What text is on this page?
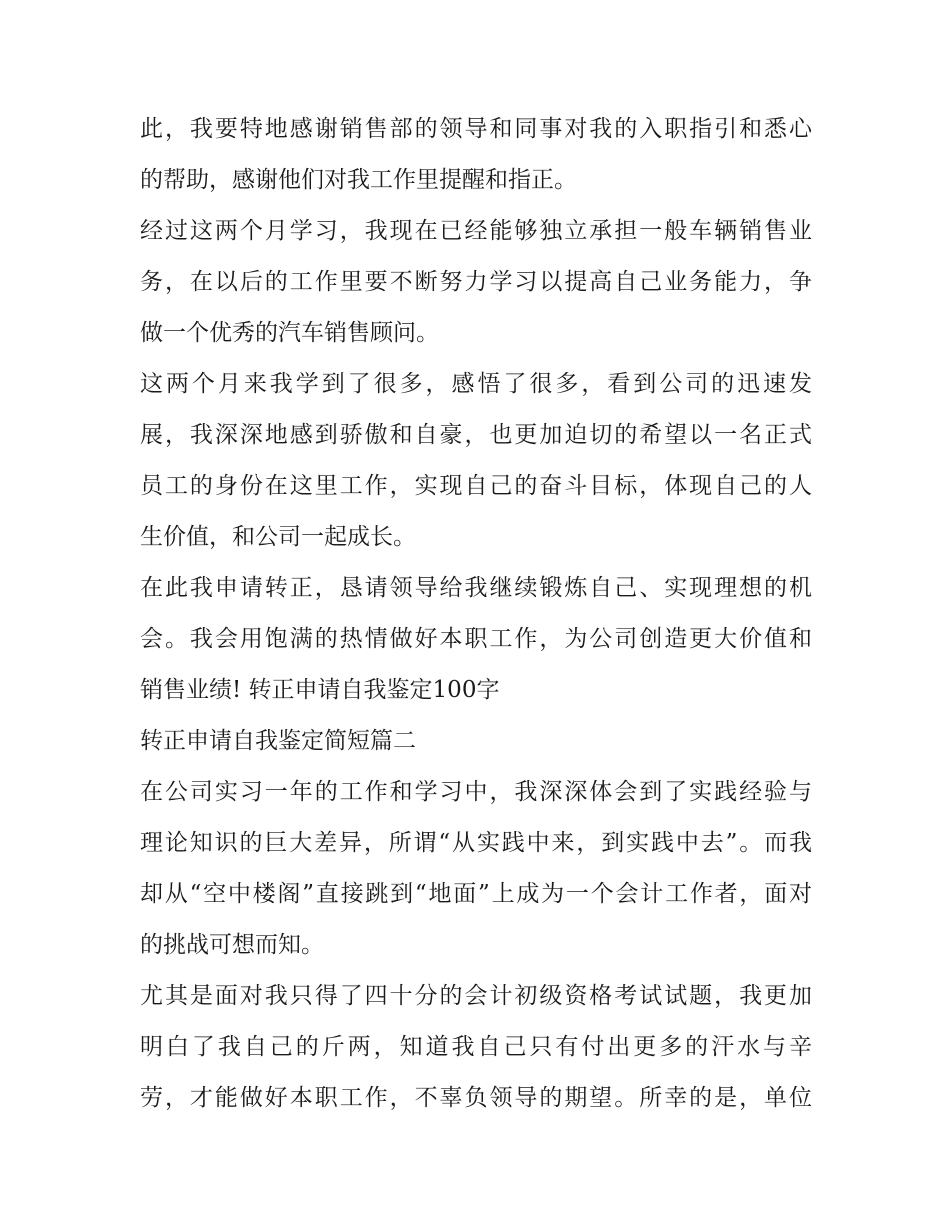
此，我要特地感谢销售部的领导和同事对我的入职指引和悉心
的帮助，感谢他们对我工作里提醒和指正。
经过这两个月学习，我现在已经能够独立承担一般车辆销售业
务，在以后的工作里要不断努力学习以提高自己业务能力，争
做一个优秀的汽车销售顾问。
这两个月来我学到了很多，感悟了很多，看到公司的迅速发
展，我深深地感到骄傲和自豪，也更加迫切的希望以一名正式
员工的身份在这里工作，实现自己的奋斗目标，体现自己的人
生价值，和公司一起成长。
在此我申请转正，恳请领导给我继续锻炼自己、实现理想的机
会。我会用饱满的热情做好本职工作，为公司创造更大价值和
销售业绩! 转正申请自我鉴定100字
转正申请自我鉴定简短篇二
在公司实习一年的工作和学习中，我深深体会到了实践经验与
理论知识的巨大差异，所谓“从实践中来，到实践中去”。而我
却从“空中楼阁”直接跳到“地面”上成为一个会计工作者，面对
的挑战可想而知。
尤其是面对我只得了四十分的会计初级资格考试试题，我更加
明白了我自己的斤两，知道我自己只有付出更多的汗水与辛
劳，才能做好本职工作，不辜负领导的期望。所幸的是，单位
